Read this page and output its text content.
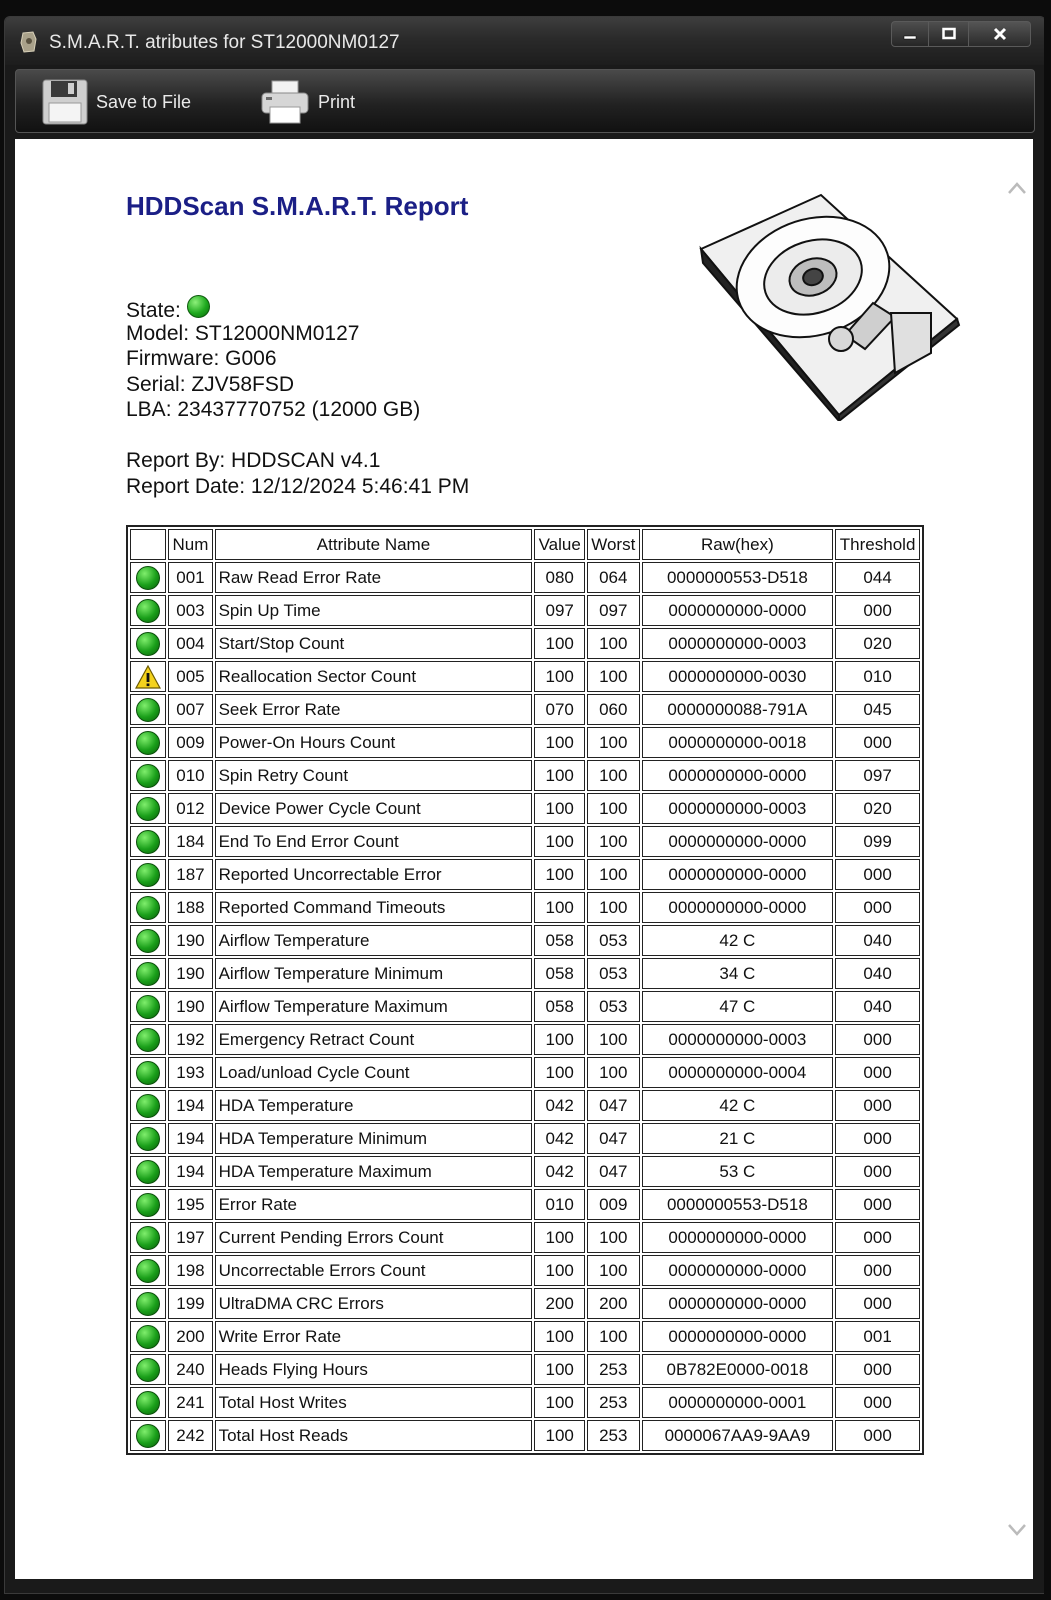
S.M.A.R.T. atributes for ST12000NM0127
Save to File	Print
HDDScan S.M.A.R.T. Report
State:
Model: ST12000NM0127
Firmware: G006
Serial: ZJV58FSD
LBA: 23437770752 (12000 GB)
Report By: HDDSCAN v4.1
Report Date: 12/12/2024 5:46:41 PM
	Num	Attribute Name	Value	Worst	Raw(hex)	Threshold
	001	Raw Read Error Rate	080	064	0000000553-D518	044
	003	Spin Up Time	097	097	0000000000-0000	000
	004	Start/Stop Count	100	100	0000000000-0003	020
	005	Reallocation Sector Count	100	100	0000000000-0030	010
	007	Seek Error Rate	070	060	0000000088-791A	045
	009	Power-On Hours Count	100	100	0000000000-0018	000
	010	Spin Retry Count	100	100	0000000000-0000	097
	012	Device Power Cycle Count	100	100	0000000000-0003	020
	184	End To End Error Count	100	100	0000000000-0000	099
	187	Reported Uncorrectable Error	100	100	0000000000-0000	000
	188	Reported Command Timeouts	100	100	0000000000-0000	000
	190	Airflow Temperature	058	053	42 C	040
	190	Airflow Temperature Minimum	058	053	34 C	040
	190	Airflow Temperature Maximum	058	053	47 C	040
	192	Emergency Retract Count	100	100	0000000000-0003	000
	193	Load/unload Cycle Count	100	100	0000000000-0004	000
	194	HDA Temperature	042	047	42 C	000
	194	HDA Temperature Minimum	042	047	21 C	000
	194	HDA Temperature Maximum	042	047	53 C	000
	195	Error Rate	010	009	0000000553-D518	000
	197	Current Pending Errors Count	100	100	0000000000-0000	000
	198	Uncorrectable Errors Count	100	100	0000000000-0000	000
	199	UltraDMA CRC Errors	200	200	0000000000-0000	000
	200	Write Error Rate	100	100	0000000000-0000	001
	240	Heads Flying Hours	100	253	0B782E0000-0018	000
	241	Total Host Writes	100	253	0000000000-0001	000
	242	Total Host Reads	100	253	0000067AA9-9AA9	000
